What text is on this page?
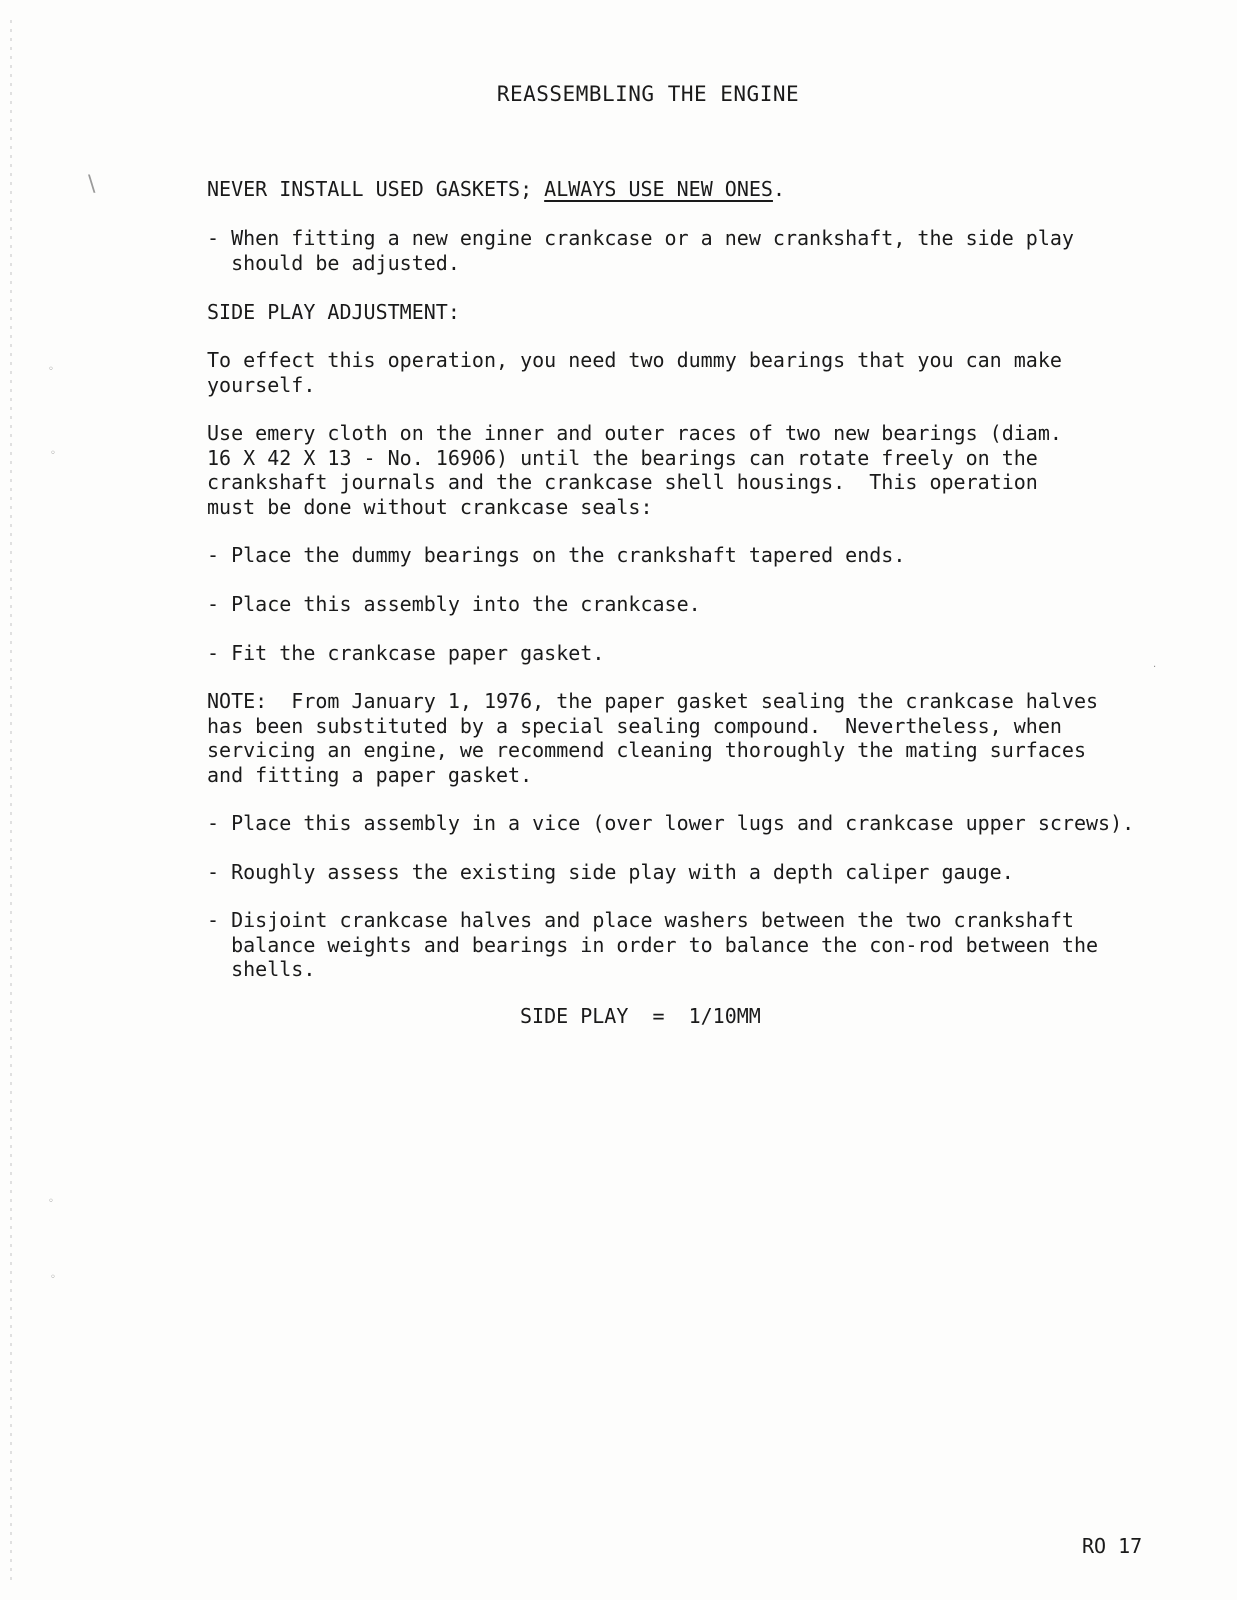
\
◦
◦
◦
◦
·
REASSEMBLING THE ENGINE
NEVER INSTALL USED GASKETS; ALWAYS USE NEW ONES.
- When fitting a new engine crankcase or a new crankshaft, the side play
should be adjusted.
SIDE PLAY ADJUSTMENT:
To effect this operation, you need two dummy bearings that you can make
yourself.
Use emery cloth on the inner and outer races of two new bearings (diam.
16 X 42 X 13 - No. 16906) until the bearings can rotate freely on the
crankshaft journals and the crankcase shell housings.  This operation
must be done without crankcase seals:
- Place the dummy bearings on the crankshaft tapered ends.
- Place this assembly into the crankcase.
- Fit the crankcase paper gasket.
NOTE:  From January 1, 1976, the paper gasket sealing the crankcase halves
has been substituted by a special sealing compound.  Nevertheless, when
servicing an engine, we recommend cleaning thoroughly the mating surfaces
and fitting a paper gasket.
- Place this assembly in a vice (over lower lugs and crankcase upper screws).
- Roughly assess the existing side play with a depth caliper gauge.
- Disjoint crankcase halves and place washers between the two crankshaft
balance weights and bearings in order to balance the con-rod between the
shells.
SIDE PLAY  =  1/10MM
RO 17
